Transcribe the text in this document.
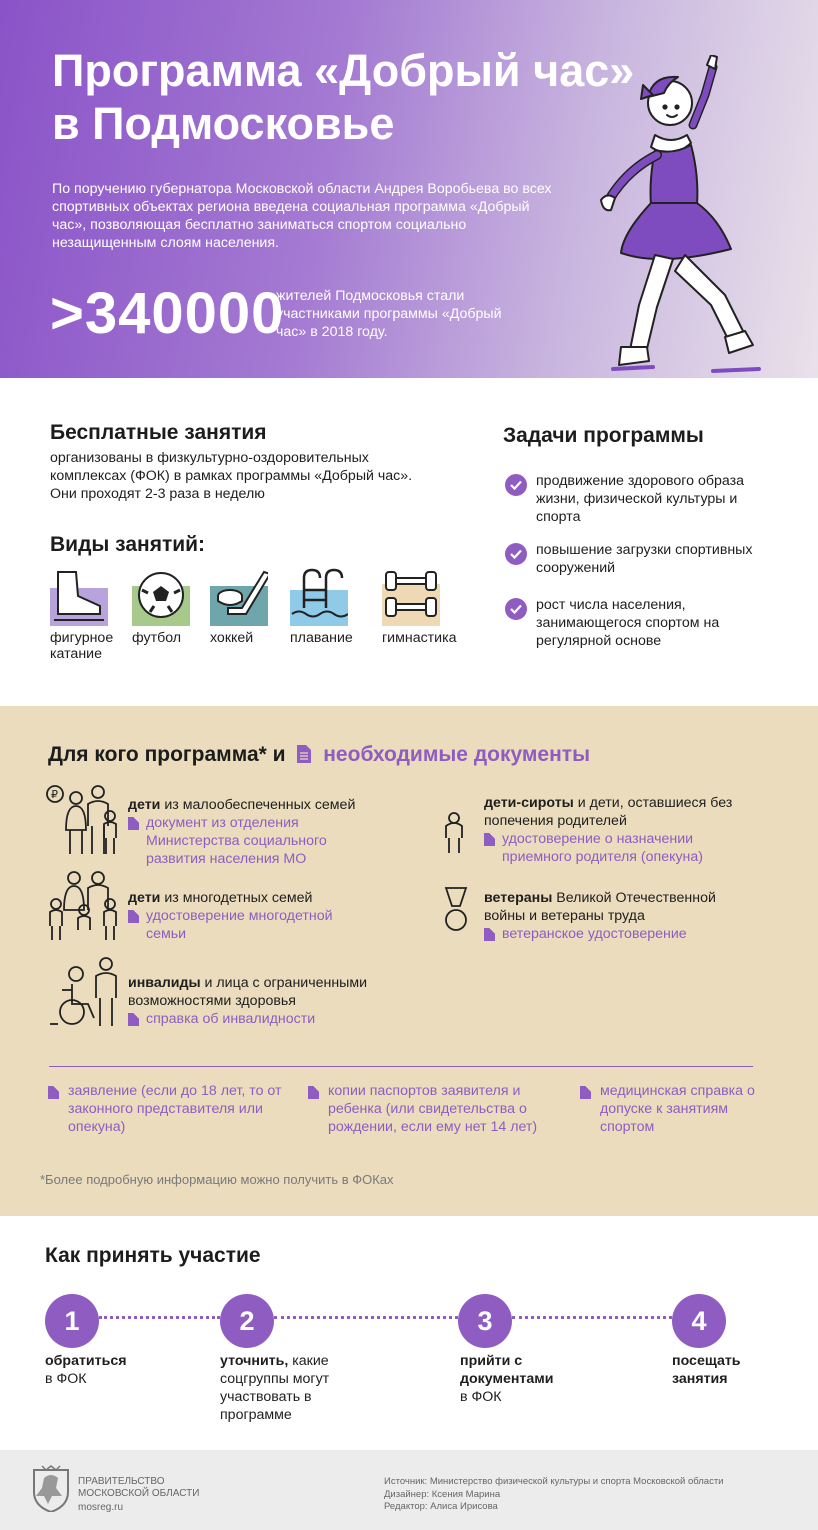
Программа «Добрый час»
в Подмосковье
По поручению губернатора Московской области Андрея Воробьева во всех спортивных объектах региона введена социальная программа «Добрый час», позволяющая бесплатно заниматься спортом социально незащищенным слоям населения.
>340000
жителей Подмосковья стали участниками программы «Добрый час» в 2018 году.
Бесплатные занятия
организованы в физкультурно-оздоровительных комплексах (ФОК) в рамках программы «Добрый час». Они проходят 2-3 раза в неделю
Виды занятий:
фигурное катание
футбол	хоккей	плавание гимнастика
Задачи программы
продвижение здорового образа жизни, физической культуры и спорта
повышение загрузки спортивных сооружений
рост числа населения, занимающегося спортом на регулярной основе
Для кого программа* и необходимые документы
₽
дети из малообеспеченных семей
документ из отделения Министерства социального развития населения МО
дети из многодетных семей
удостоверение многодетной семьи
инвалиды и лица с ограниченными возможностями здоровья
справка об инвалидности
дети-сироты и дети, оставшиеся без попечения родителей
удостоверение о назначении приемного родителя (опекуна)
ветераны Великой Отечественной войны и ветераны труда
ветеранское удостоверение
заявление (если до 18 лет, то от законного представителя или опекуна)
копии паспортов заявителя и ребенка (или свидетельства о рождении, если ему нет 14 лет)
медицинская справка о допуске к занятиям спортом
*Более подробную информацию можно получить в ФОКах
Как принять участие
1	2	3	4
обратиться
в ФОК
уточнить, какие соцгруппы могут участвовать в программе
прийти с документами
в ФОК
посещать занятия
ПРАВИТЕЛЬСТВО
МОСКОВСКОЙ ОБЛАСТИ
mosreg.ru
Источник: Министерство физической культуры и спорта Московской области
Дизайнер: Ксения Марина
Редактор: Алиса Ирисова
